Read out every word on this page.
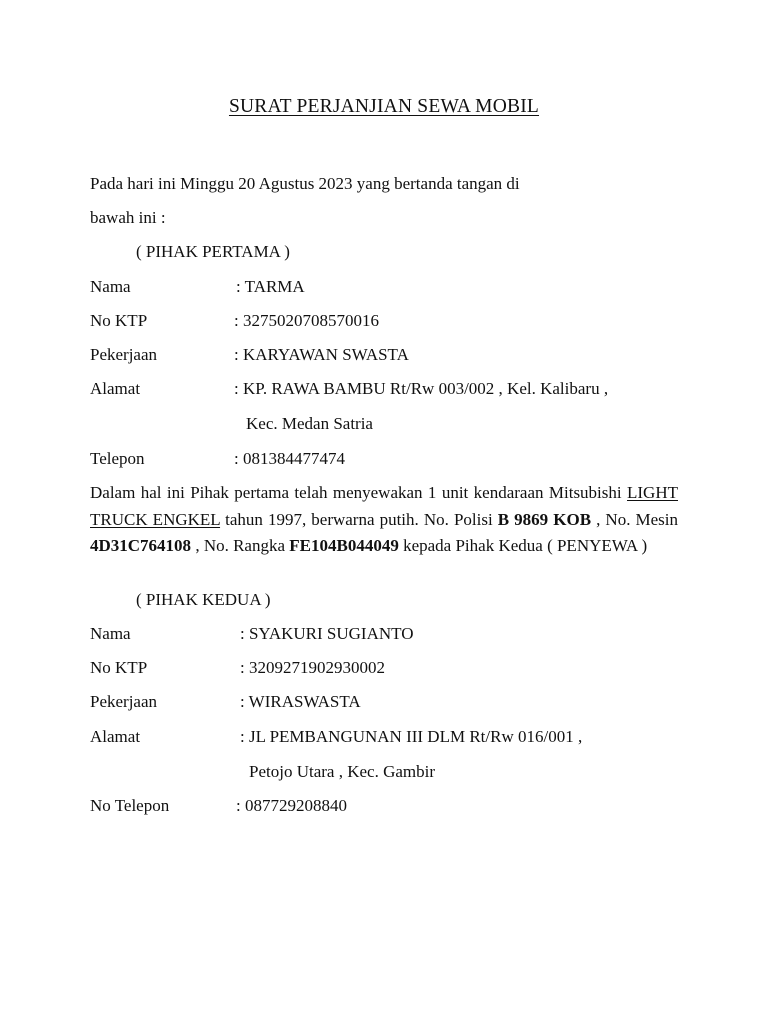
SURAT PERJANJIAN SEWA MOBIL
Pada hari ini Minggu 20 Agustus 2023 yang bertanda tangan di
bawah ini :
( PIHAK PERTAMA )
Nama	: TARMA
No KTP	: 3275020708570016
Pekerjaan	: KARYAWAN SWASTA
Alamat	: KP. RAWA BAMBU Rt/Rw 003/002 , Kel. Kalibaru ,
Kec. Medan Satria
Telepon	: 081384477474
Dalam hal ini Pihak pertama telah menyewakan 1 unit kendaraan Mitsubishi LIGHT TRUCK ENGKEL tahun 1997, berwarna putih. No. Polisi B 9869 KOB , No. Mesin 4D31C764108 , No. Rangka FE104B044049 kepada Pihak Kedua ( PENYEWA )
( PIHAK KEDUA )
Nama	: SYAKURI SUGIANTO
No KTP	: 3209271902930002
Pekerjaan	: WIRASWASTA
Alamat	: JL PEMBANGUNAN III DLM Rt/Rw 016/001 ,
Petojo Utara , Kec. Gambir
No Telepon	: 087729208840
